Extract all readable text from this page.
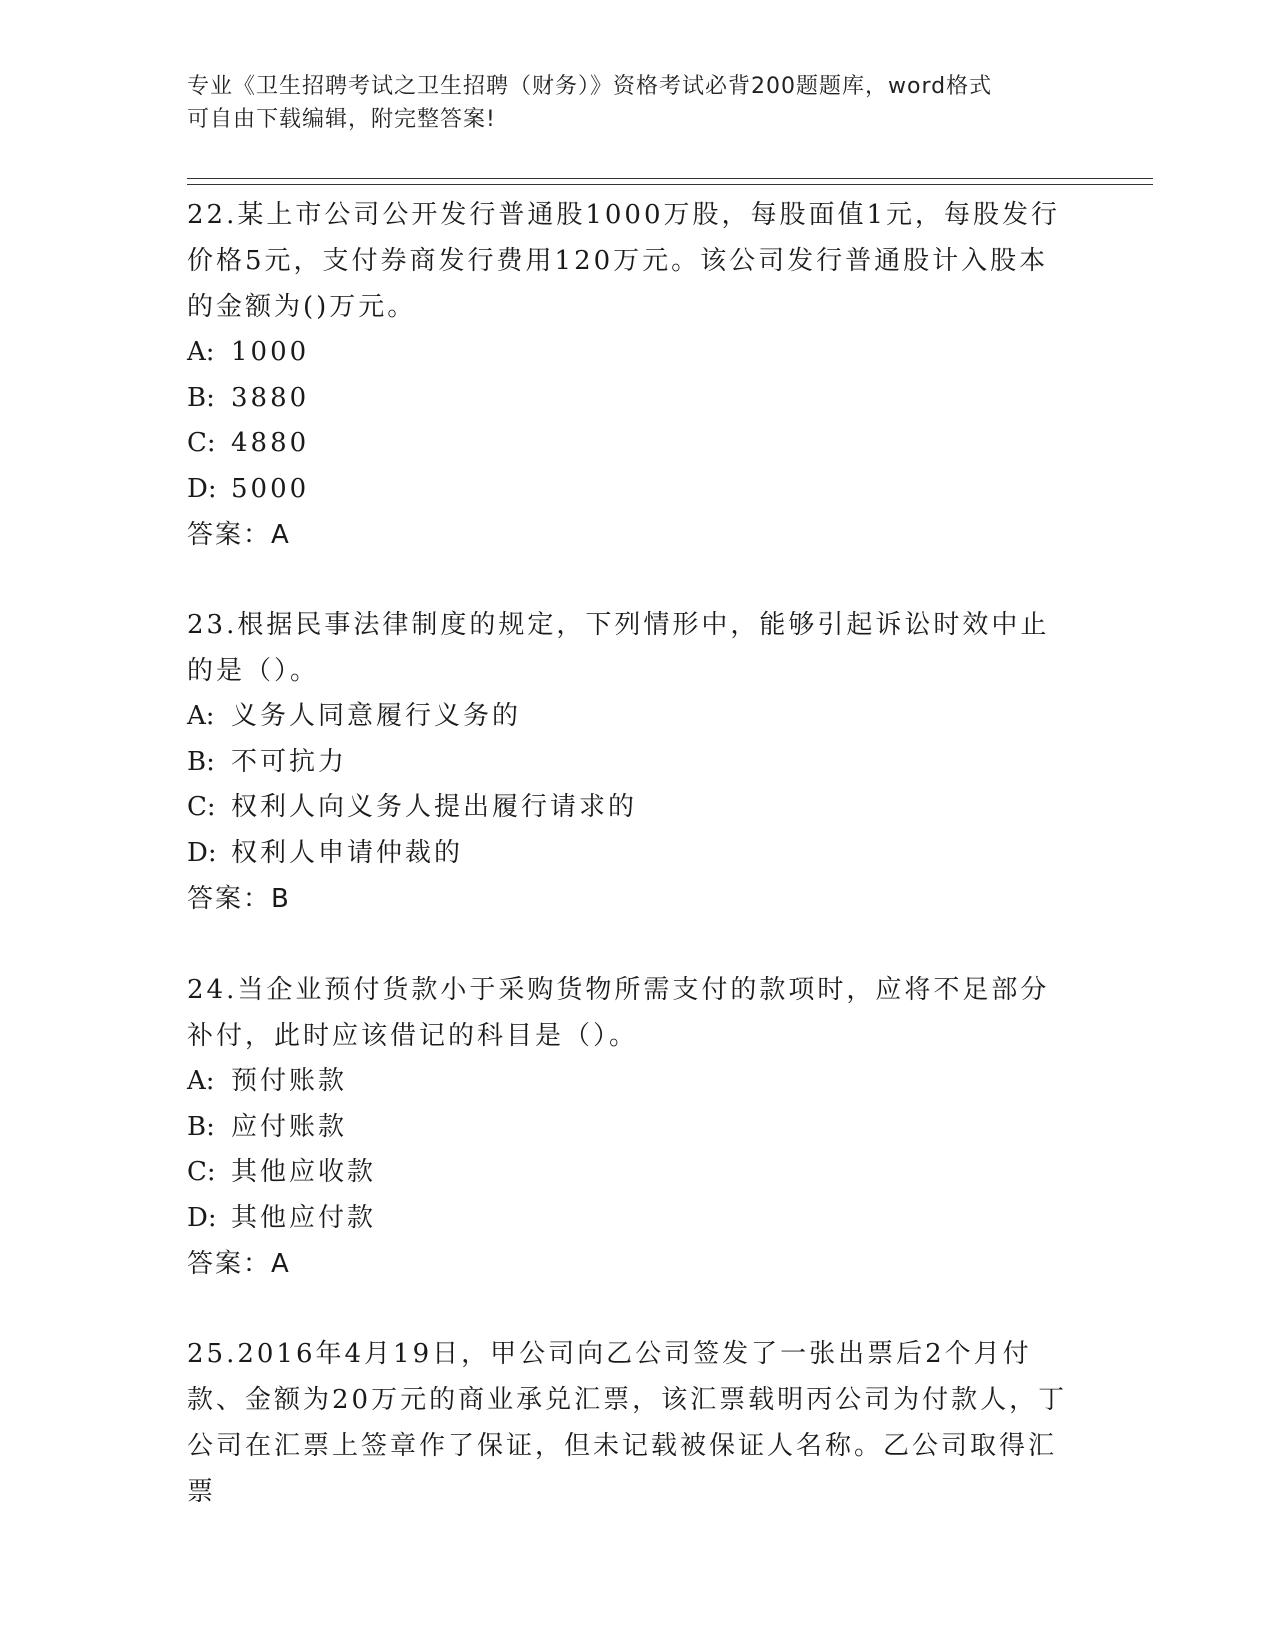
专业《卫生招聘考试之卫生招聘（财务）》资格考试必背200题题库，word格式
可自由下载编辑，附完整答案!

22.某上市公司公开发行普通股1000万股，每股面值1元，每股发行价格5元，支付券商发行费用120万元。该公司发行普通股计入股本的金额为()万元。

A: 1000

B: 3880

C: 4880

D: 5000

答案：A

23.根据民事法律制度的规定，下列情形中，能够引起诉讼时效中止的是（）。

A: 义务人同意履行义务的

B: 不可抗力

C: 权利人向义务人提出履行请求的

D: 权利人申请仲裁的

答案：B

24.当企业预付货款小于采购货物所需支付的款项时，应将不足部分补付，此时应该借记的科目是（）。

A: 预付账款

B: 应付账款

C: 其他应收款

D: 其他应付款

答案：A

25.2016年4月19日，甲公司向乙公司签发了一张出票后2个月付款、金额为20万元的商业承兑汇票，该汇票载明丙公司为付款人，丁公司在汇票上签章作了保证，但未记载被保证人名称。乙公司取得汇票
